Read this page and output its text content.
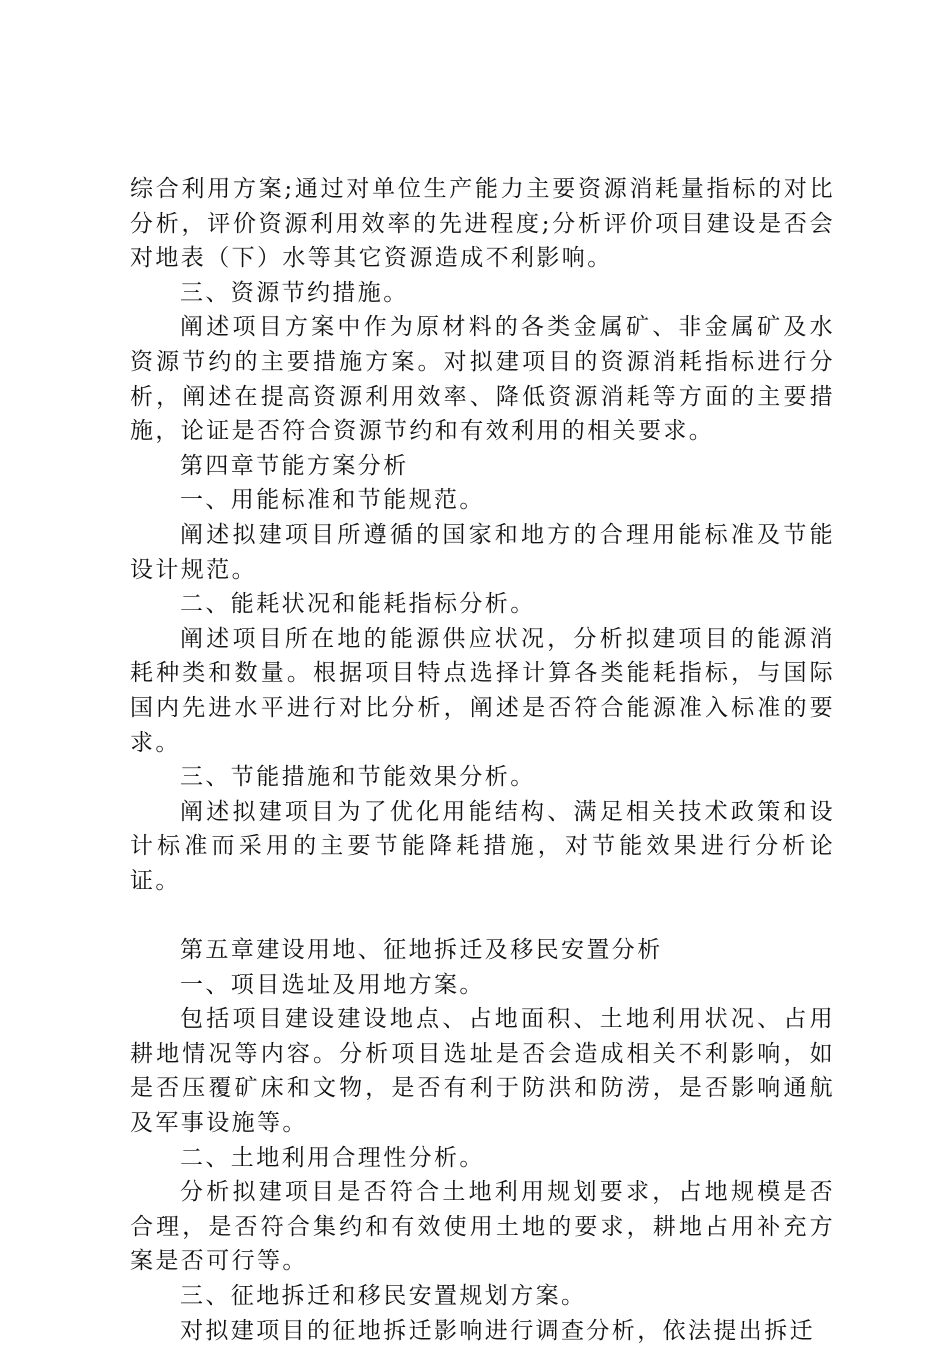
综合利用方案;通过对单位生产能力主要资源消耗量指标的对比分析，评价资源利用效率的先进程度;分析评价项目建设是否会对地表（下）水等其它资源造成不利影响。

三、资源节约措施。

阐述项目方案中作为原材料的各类金属矿、非金属矿及水资源节约的主要措施方案。对拟建项目的资源消耗指标进行分析，阐述在提高资源利用效率、降低资源消耗等方面的主要措施，论证是否符合资源节约和有效利用的相关要求。

第四章节能方案分析

一、用能标准和节能规范。

阐述拟建项目所遵循的国家和地方的合理用能标准及节能设计规范。

二、能耗状况和能耗指标分析。

阐述项目所在地的能源供应状况，分析拟建项目的能源消耗种类和数量。根据项目特点选择计算各类能耗指标，与国际国内先进水平进行对比分析，阐述是否符合能源准入标准的要求。

三、节能措施和节能效果分析。

阐述拟建项目为了优化用能结构、满足相关技术政策和设计标准而采用的主要节能降耗措施，对节能效果进行分析论证。

第五章建设用地、征地拆迁及移民安置分析

一、项目选址及用地方案。

包括项目建设建设地点、占地面积、土地利用状况、占用耕地情况等内容。分析项目选址是否会造成相关不利影响，如是否压覆矿床和文物，是否有利于防洪和防涝，是否影响通航及军事设施等。

二、土地利用合理性分析。

分析拟建项目是否符合土地利用规划要求，占地规模是否合理，是否符合集约和有效使用土地的要求，耕地占用补充方案是否可行等。

三、征地拆迁和移民安置规划方案。

对拟建项目的征地拆迁影响进行调查分析，依法提出拆迁
